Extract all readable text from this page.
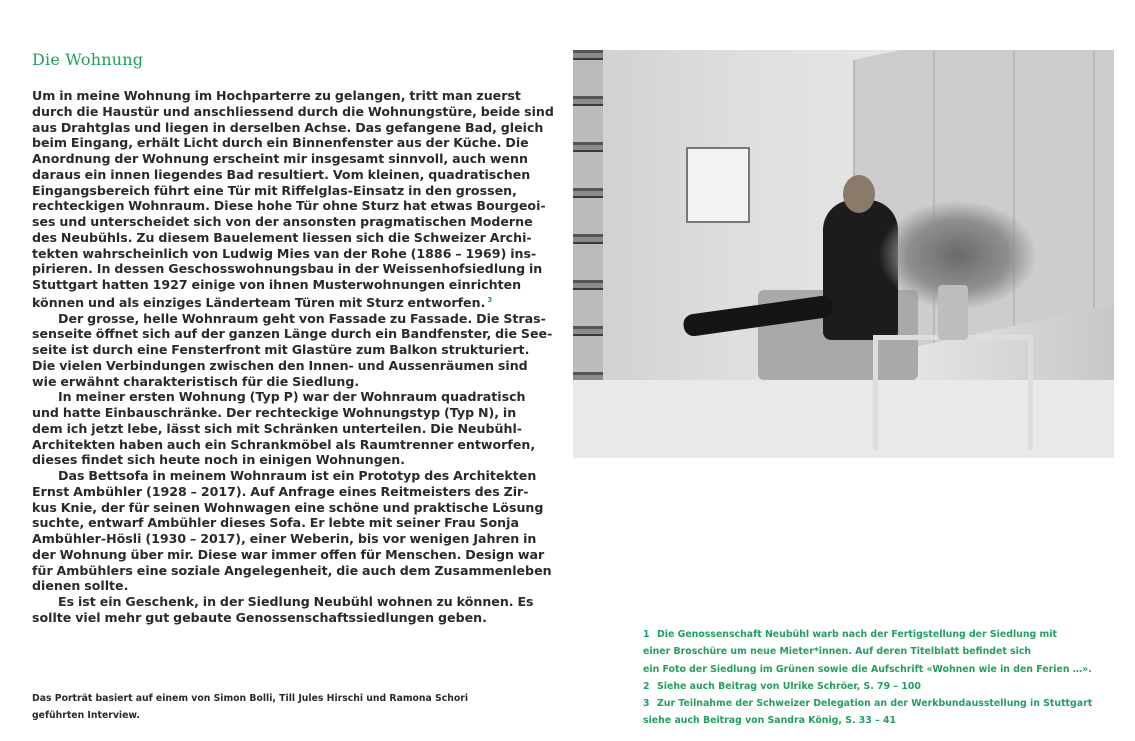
Die Wohnung
Um in meine Wohnung im Hochparterre zu gelangen, tritt man zuerst
durch die Haustür und anschliessend durch die Wohnungstüre, beide sind
aus Drahtglas und liegen in derselben Achse. Das gefangene Bad, gleich
beim Eingang, erhält Licht durch ein Binnenfenster aus der Küche. Die
Anordnung der Wohnung erscheint mir insgesamt sinnvoll, auch wenn
daraus ein innen liegendes Bad resultiert. Vom kleinen, quadratischen
Eingangsbereich führt eine Tür mit Riffelglas-Einsatz in den grossen,
rechteckigen Wohnraum. Diese hohe Tür ohne Sturz hat etwas Bourgeoi-
ses und unterscheidet sich von der ansonsten pragmatischen Moderne
des Neubühls. Zu diesem Bauelement liessen sich die Schweizer Archi-
tekten wahrscheinlich von Ludwig Mies van der Rohe (1886 – 1969) ins-
pirieren. In dessen Geschosswohnungsbau in der Weissenhofsiedlung in
Stuttgart hatten 1927 einige von ihnen Musterwohnungen einrichten
können und als einziges Länderteam Türen mit Sturz entworfen. $^3$
Der grosse, helle Wohnraum geht von Fassade zu Fassade. Die Stras-
senseite öffnet sich auf der ganzen Länge durch ein Bandfenster, die See-
seite ist durch eine Fensterfront mit Glastüre zum Balkon strukturiert.
Die vielen Verbindungen zwischen den Innen- und Aussenräumen sind
wie erwähnt charakteristisch für die Siedlung.
In meiner ersten Wohnung (Typ P) war der Wohnraum quadratisch
und hatte Einbauschränke. Der rechteckige Wohnungstyp (Typ N), in
dem ich jetzt lebe, lässt sich mit Schränken unterteilen. Die Neubühl-
Architekten haben auch ein Schrankmöbel als Raumtrenner entworfen,
dieses findet sich heute noch in einigen Wohnungen.
Das Bettsofa in meinem Wohnraum ist ein Prototyp des Architekten
Ernst Ambühler (1928 – 2017). Auf Anfrage eines Reitmeisters des Zir-
kus Knie, der für seinen Wohnwagen eine schöne und praktische Lösung
suchte, entwarf Ambühler dieses Sofa. Er lebte mit seiner Frau Sonja
Ambühler-Hösli (1930 – 2017), einer Weberin, bis vor wenigen Jahren in
der Wohnung über mir. Diese war immer offen für Menschen. Design war
für Ambühlers eine soziale Angelegenheit, die auch dem Zusammenleben
dienen sollte.
Es ist ein Geschenk, in der Siedlung Neubühl wohnen zu können. Es
sollte viel mehr gut gebaute Genossenschaftssiedlungen geben.
Das Porträt basiert auf einem von Simon Bolli, Till Jules Hirschi und Ramona Schori
geführten Interview.
1 Die Genossenschaft Neubühl warb nach der Fertigstellung der Siedlung mit
einer Broschüre um neue Mieter*innen. Auf deren Titelblatt befindet sich
ein Foto der Siedlung im Grünen sowie die Aufschrift «Wohnen wie in den Ferien …».
2 Siehe auch Beitrag von Ulrike Schröer, S. 79 – 100
3 Zur Teilnahme der Schweizer Delegation an der Werkbundausstellung in Stuttgart
siehe auch Beitrag von Sandra König, S. 33 – 41
